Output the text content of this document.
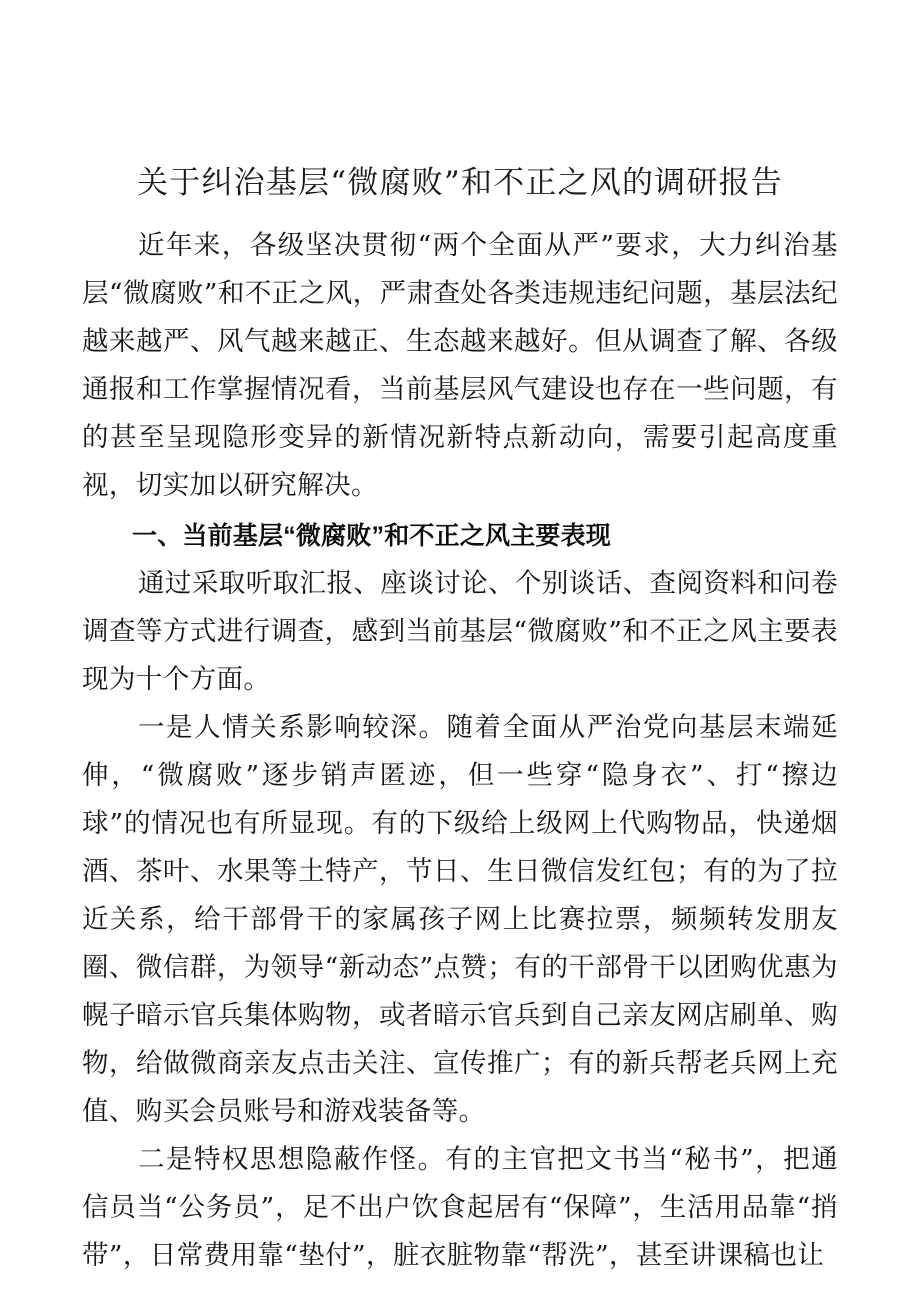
关于纠治基层“微腐败”和不正之风的调研报告

近年来，各级坚决贯彻“两个全面从严”要求，大力纠治基层“微腐败”和不正之风，严肃查处各类违规违纪问题，基层法纪越来越严、风气越来越正、生态越来越好。但从调查了解、各级通报和工作掌握情况看，当前基层风气建设也存在一些问题，有的甚至呈现隐形变异的新情况新特点新动向，需要引起高度重视，切实加以研究解决。

一、当前基层“微腐败”和不正之风主要表现

通过采取听取汇报、座谈讨论、个别谈话、查阅资料和问卷调查等方式进行调查，感到当前基层“微腐败”和不正之风主要表现为十个方面。

一是人情关系影响较深。随着全面从严治党向基层末端延伸，“微腐败”逐步销声匿迹，但一些穿“隐身衣”、打“擦边球”的情况也有所显现。有的下级给上级网上代购物品，快递烟酒、茶叶、水果等土特产，节日、生日微信发红包；有的为了拉近关系，给干部骨干的家属孩子网上比赛拉票，频频转发朋友圈、微信群，为领导“新动态”点赞；有的干部骨干以团购优惠为幌子暗示官兵集体购物，或者暗示官兵到自己亲友网店刷单、购物，给做微商亲友点击关注、宣传推广；有的新兵帮老兵网上充值、购买会员账号和游戏装备等。

二是特权思想隐蔽作怪。有的主官把文书当“秘书”，把通信员当“公务员”，足不出户饮食起居有“保障”，生活用品靠“捎带”，日常费用靠“垫付”，脏衣脏物靠“帮洗”，甚至讲课稿也让
